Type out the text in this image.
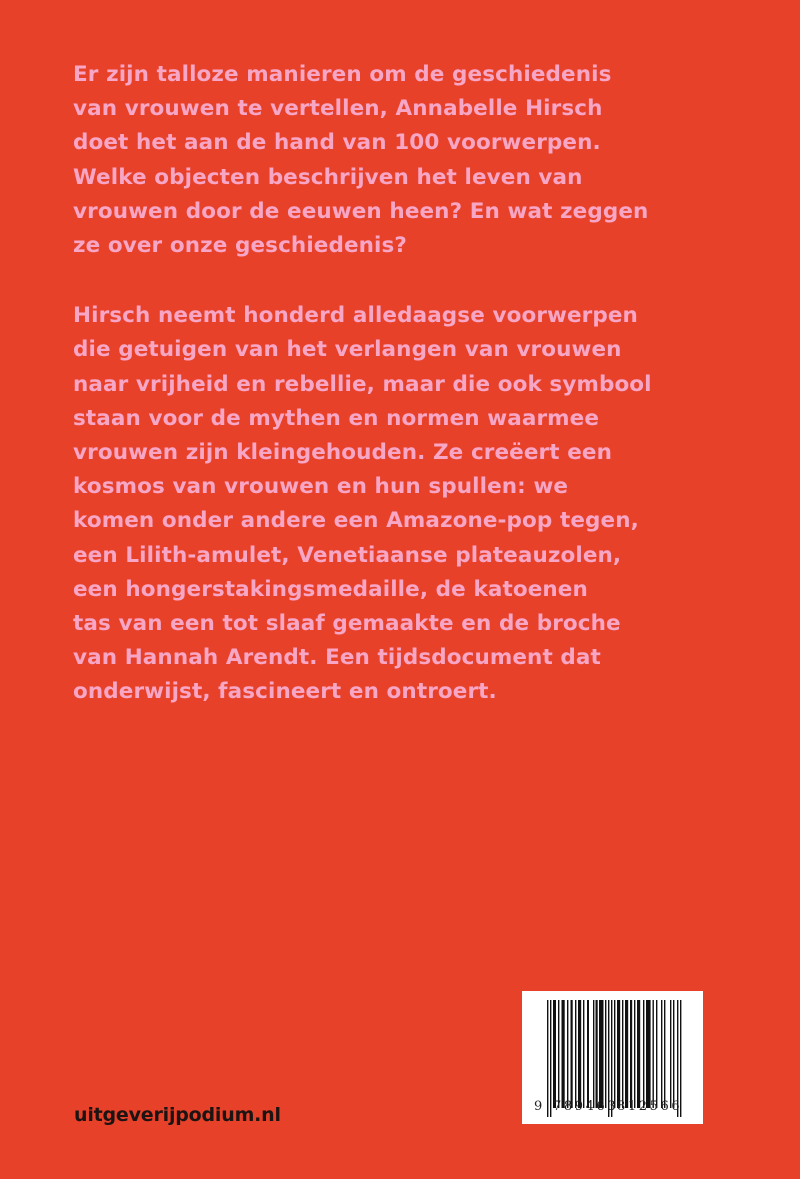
Er zijn talloze manieren om de geschiedenis
van vrouwen te vertellen, Annabelle Hirsch
doet het aan de hand van 100 voorwerpen.
Welke objecten beschrijven het leven van
vrouwen door de eeuwen heen? En wat zeggen
ze over onze geschiedenis?

Hirsch neemt honderd alledaagse voorwerpen
die getuigen van het verlangen van vrouwen
naar vrijheid en rebellie, maar die ook symbool
staan voor de mythen en normen waarmee
vrouwen zijn kleingehouden. Ze creëert een
kosmos van vrouwen en hun spullen: we
komen onder andere een Amazone-pop tegen,
een Lilith-amulet, Venetiaanse plateauzolen,
een hongerstakingsmedaille, de katoenen
tas van een tot slaaf gemaakte en de broche
van Hannah Arendt. Een tijdsdocument dat
onderwijst, fascineert en ontroert.

9 789463
812566
uitgeverijpodium.nl
